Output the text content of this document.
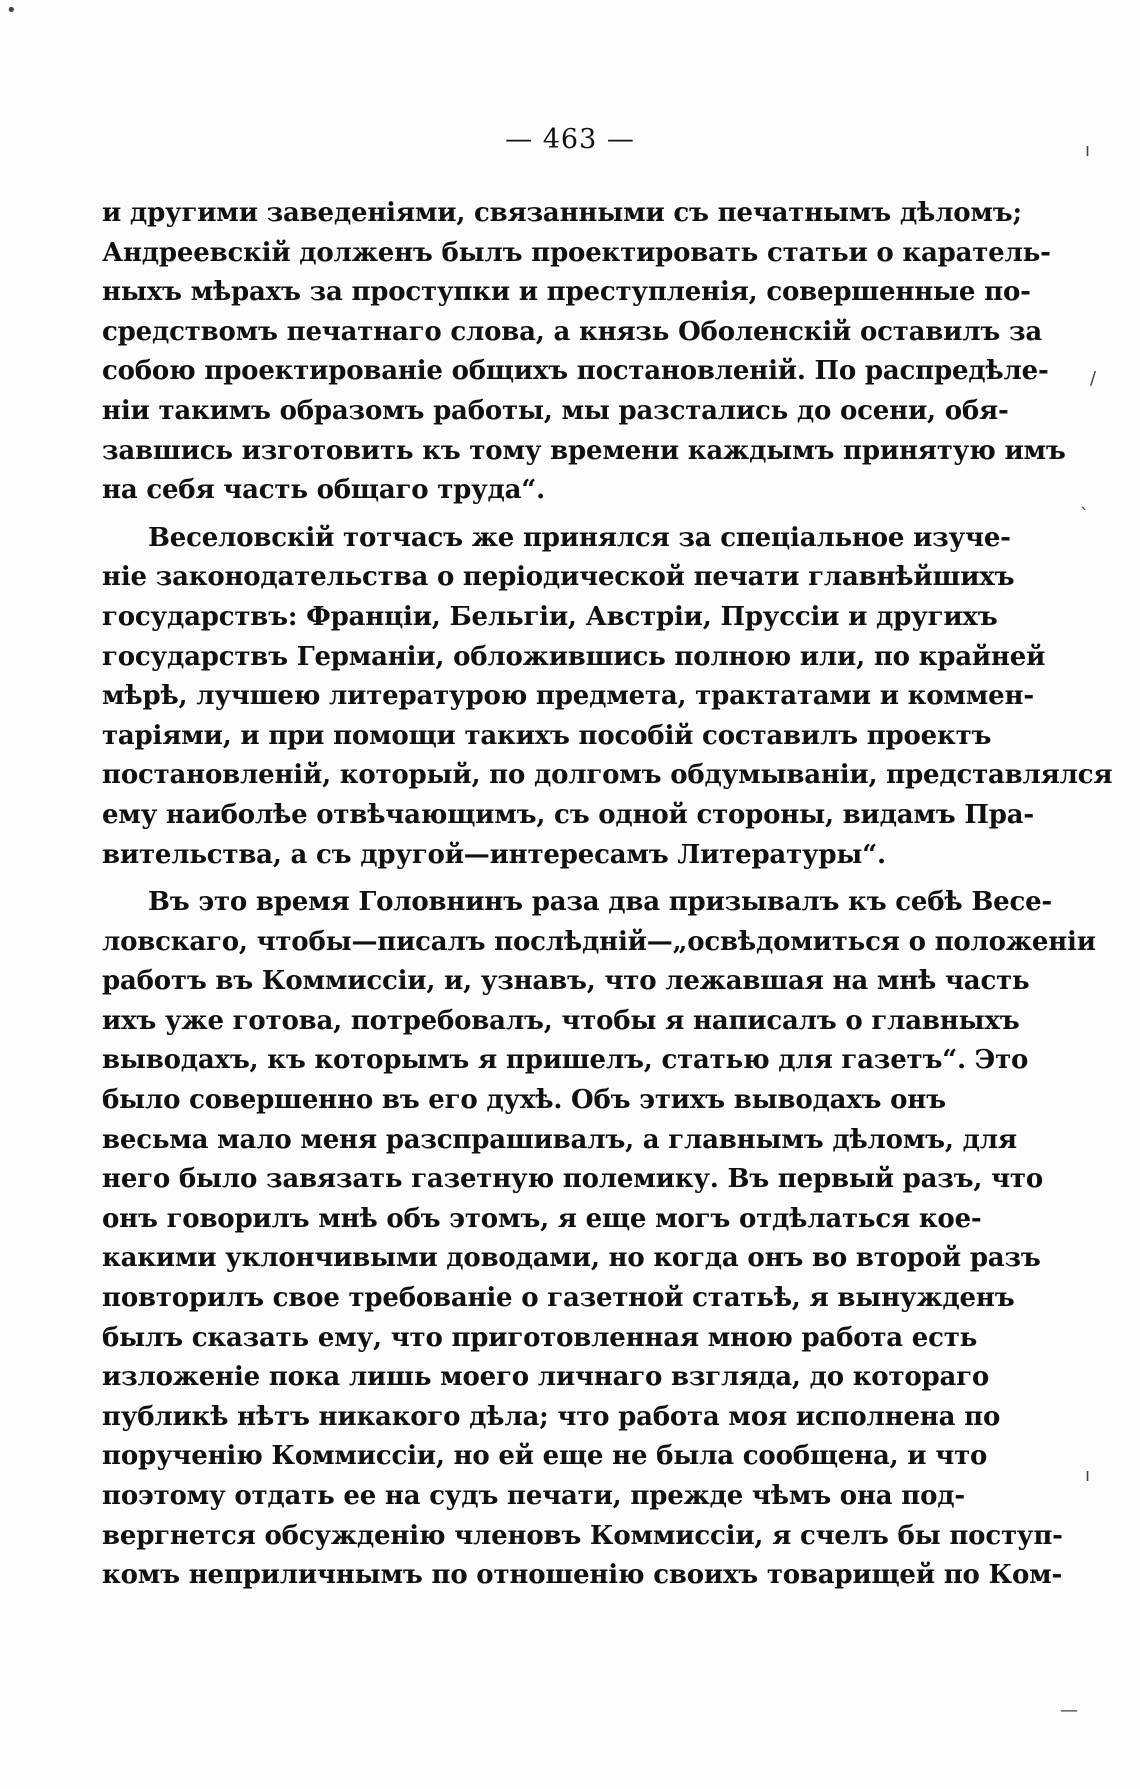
— 463 —
и другими заведеніями, связанными съ печатнымъ дѣломъ;
Андреевскій долженъ былъ проектировать статьи о каратель-
ныхъ мѣрахъ за проступки и преступленія, совершенные по-
средствомъ печатнаго слова, а князь Оболенскій оставилъ за
собою проектированіе общихъ постановленій. По распредѣле-
ніи такимъ образомъ работы, мы разстались до осени, обя-
завшись изготовить къ тому времени каждымъ принятую имъ
на себя часть общаго труда“.
Веселовскій тотчасъ же принялся за спеціальное изуче-
ніе законодательства о періодической печати главнѣйшихъ
государствъ: Франціи, Бельгіи, Австріи, Пруссіи и другихъ
государствъ Германіи, обложившись полною или, по крайней
мѣрѣ, лучшею литературою предмета, трактатами и коммен-
таріями, и при помощи такихъ пособій составилъ проектъ
постановленій, который, по долгомъ обдумываніи, представлялся
ему наиболѣе отвѣчающимъ, съ одной стороны, видамъ Пра-
вительства, а съ другой—интересамъ Литературы“.
Въ это время Головнинъ раза два призывалъ къ себѣ Весе-
ловскаго, чтобы—писалъ послѣдній—„освѣдомиться о положеніи
работъ въ Коммиссіи, и, узнавъ, что лежавшая на мнѣ часть
ихъ уже готова, потребовалъ, чтобы я написалъ о главныхъ
выводахъ, къ которымъ я пришелъ, статью для газетъ“. Это
было совершенно въ его духѣ. Объ этихъ выводахъ онъ
весьма мало меня разспрашивалъ, а главнымъ дѣломъ, для
него было завязать газетную полемику. Въ первый разъ, что
онъ говорилъ мнѣ объ этомъ, я еще могъ отдѣлаться кое-
какими уклончивыми доводами, но когда онъ во второй разъ
повторилъ свое требованіе о газетной статьѣ, я вынужденъ
былъ сказать ему, что приготовленная мною работа есть
изложеніе пока лишь моего личнаго взгляда, до котораго
публикѣ нѣтъ никакого дѣла; что работа моя исполнена по
порученію Коммиссіи, но ей еще не была сообщена, и что
поэтому отдать ее на судъ печати, прежде чѣмъ она под-
вергнется обсужденію членовъ Коммиссіи, я счелъ бы поступ-
комъ неприличнымъ по отношенію своихъ товарищей по Ком-
•
ı
/
ˎ
ı
—
